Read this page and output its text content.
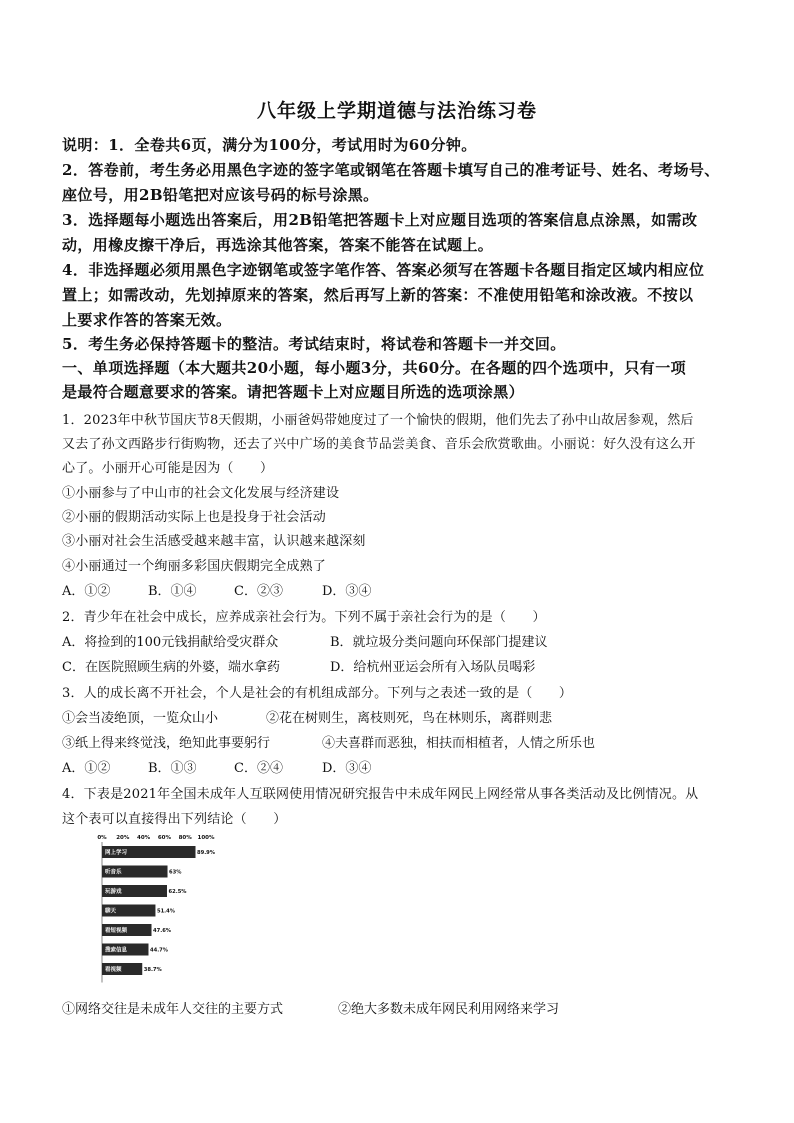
八年级上学期道德与法治练习卷
说明：1．全卷共6页，满分为100分，考试用时为60分钟。
2．答卷前，考生务必用黑色字迹的签字笔或钢笔在答题卡填写自己的准考证号、姓名、考场号、
座位号，用2B铅笔把对应该号码的标号涂黑。
3．选择题每小题选出答案后，用2B铅笔把答题卡上对应题目选项的答案信息点涂黑，如需改
动，用橡皮擦干净后，再选涂其他答案，答案不能答在试题上。
4．非选择题必须用黑色字迹钢笔或签字笔作答、答案必须写在答题卡各题目指定区域内相应位
置上；如需改动，先划掉原来的答案，然后再写上新的答案：不准使用铅笔和涂改液。不按以
上要求作答的答案无效。
5．考生务必保持答题卡的整洁。考试结束时，将试卷和答题卡一并交回。
一、单项选择题（本大题共20小题，每小题3分，共60分。在各题的四个选项中，只有一项
是最符合题意要求的答案。请把答题卡上对应题目所选的选项涂黑）
1．2023年中秋节国庆节8天假期，小丽爸妈带她度过了一个愉快的假期，他们先去了孙中山故居参观，然后
又去了孙文西路步行街购物，还去了兴中广场的美食节品尝美食、音乐会欣赏歌曲。小丽说：好久没有这么开
心了。小丽开心可能是因为（　　）
①小丽参与了中山市的社会文化发展与经济建设
②小丽的假期活动实际上也是投身于社会活动
③小丽对社会生活感受越来越丰富，认识越来越深刻
④小丽通过一个绚丽多彩国庆假期完全成熟了
A．①②	B．①④	C．②③	D．③④
2．青少年在社会中成长，应养成亲社会行为。下列不属于亲社会行为的是（　　）
A．将捡到的100元钱捐献给受灾群众	B．就垃圾分类问题向环保部门提建议
C．在医院照顾生病的外婆，端水拿药	D．给杭州亚运会所有入场队员喝彩
3．人的成长离不开社会，个人是社会的有机组成部分。下列与之表述一致的是（　　）
①会当凌绝顶，一览众山小	②花在树则生，离枝则死，鸟在林则乐，离群则悲
③纸上得来终觉浅，绝知此事要躬行	④夫喜群而恶独，相扶而相植者，人情之所乐也
A．①②	B．①③	C．②④	D．③④
4．下表是2021年全国未成年人互联网使用情况研究报告中未成年网民上网经常从事各类活动及比例情况。从
这个表可以直接得出下列结论（　　）
0% 20% 40% 60% 80% 100%
网上学习	89.9%
听音乐	63%
玩游戏	62.5%
聊天	51.4%
看短视频	47.6%
搜索信息	44.7%
看视频	38.7%
①网络交往是未成年人交往的主要方式	②绝大多数未成年网民利用网络来学习
